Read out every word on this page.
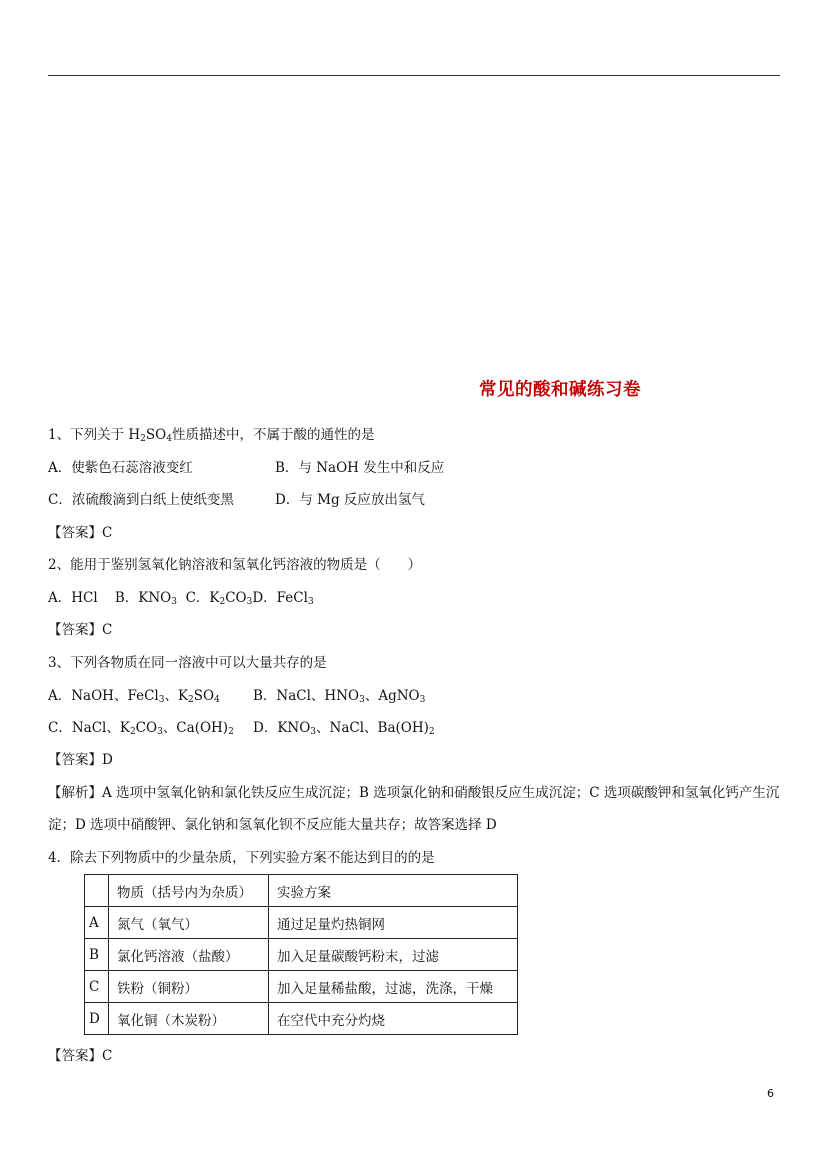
常见的酸和碱练习卷
1、下列关于 $H_2SO_4$性质描述中，不属于酸的通性的是
A．使紫色石蕊溶液变红	B．与 NaOH 发生中和反应
C．浓硫酸滴到白纸上使纸变黑	D．与 Mg 反应放出氢气
【答案】C
2、能用于鉴别氢氧化钠溶液和氢氧化钙溶液的物质是（　　）
A．HCl B．$KNO_3$ C．$K_2CO_3D$．FeCl$_3$
【答案】C
3、下列各物质在同一溶液中可以大量共存的是
A．NaOH、FeCl$_3$、$K_2SO_4$ B．NaCl、$HNO_3$、AgNO$_3$
C．NaCl、$K_2CO_3$、$Ca(OH)_2$ D．$KNO_3$、NaCl、$Ba(OH)_2$
【答案】D
【解析】A 选项中氢氧化钠和氯化铁反应生成沉淀；B 选项氯化钠和硝酸银反应生成沉淀；C 选项碳酸钾和氢氧化钙产生沉淀；D 选项中硝酸钾、氯化钠和氢氧化钡不反应能大量共存；故答案选择 D
4．除去下列物质中的少量杂质，下列实验方案不能达到目的的是
	物质（括号内为杂质）	实验方案
A	氮气（氧气）	通过足量灼热铜网
B	氯化钙溶液（盐酸）	加入足量碳酸钙粉末，过滤
C	铁粉（铜粉）	加入足量稀盐酸，过滤，洗涤，干燥
D	氧化铜（木炭粉）	在空代中充分灼烧
【答案】C
6
